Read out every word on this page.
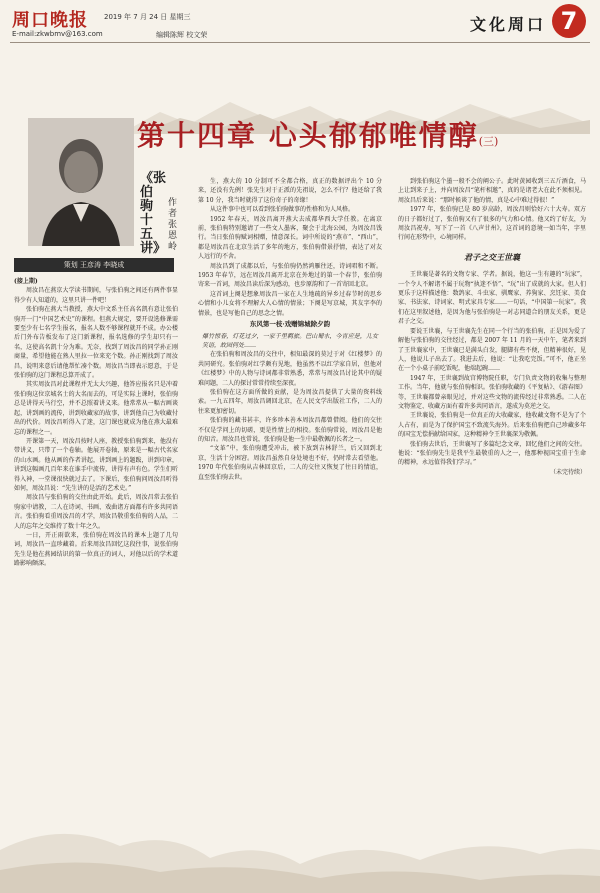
周口晚报
E-mail:zkwbmv@163.com
2019 年 7 月 24 日 星期三
编辑陈辉 校文荣
文化周口 7
第十四章 心头郁郁唯情醇(三)
《张伯驹十五讲》
作者 张恩岭
策划 王彦涛 李晓成

(接上期)

周汝昌在燕京大学读书期间，与张伯驹之间还有两件事显得少有人知道的，这里只讲一件吧！

张伯驹在燕大当教授，燕大中文系主任高名凯有意让张伯驹开一门“中国艺术史”的课程。但燕大规定，要开设选修课需要至少有七名学生报名，报名人数不够课程就开不成。办公楼后门外布告板发布了这门新课程，报名选修的学生却只有一名，这使高名凯十分为难。无奈，找到了周汝昌的同学孙正刚商量，希望他能在熟人里拉一位来充个数。孙正刚找到了周汝昌，说明来意后请他帮忙凑个数。周汝昌当即表示愿意，于是张伯驹的这门课程总算开成了。

其实周汝昌对此课程并无太大兴趣，他答应报名只是冲着张伯驹这位京城名士的大名而去的，可是实际上课时，张伯驹总是讲得天马行空，并不总照着讲义来。他常常从一幅古画谈起，讲到画的流传，讲到收藏家的故事，讲到他自己为收藏付出的代价。周汝昌听得入了迷，这门课也就成为他在燕大最难忘的课程之一。

开课第一天，周汝昌按时人座，教授张伯驹到来，他没有带讲义，只带了一个卷轴。他展开卷轴，原来是一幅古代名家的山水画。他从画的作者讲起，讲到画上的题跋，讲到印章，讲到这幅画几百年来在谁手中流传，讲得有声有色。学生们听得入神，一堂课很快就过去了。下课后，张伯驹问周汝昌听得如何，周汝昌说：“先生讲的是活的艺术史。”

周汝昌与张伯驹的交往由此开始。此后，周汝昌常去张伯驹家中请教，二人在诗词、书画、戏曲诸方面都有许多共同语言。张伯驹看重周汝昌的才学，周汝昌敬重张伯驹的人品，二人的忘年之交维持了数十年之久。

一日，开正雨欲来，张伯驹在周汝昌的课本上题了几句词，周汝昌一直珍藏着。后来周汝昌回忆这段往事，说张伯驹先生是他在燕园结识的第一位真正的词人，对他以后的学术道路影响颇深。

生，燕大的 10 分制可不全都合格，真正的数据评出个 10 分来，还没有先例！张先生对于正派的先祖说，怎么不行？他还给了我第 10 分，我当时就得了这份奇子的奇缘！

从这件事中也可以看到张伯驹做事的性格和为人风格。

1952 年春天，周汝昌离开燕大去成都华西大学任教。在离京前，张伯驹特别邀请了一些文人墨客，聚会于北海公园，为周汝昌饯行。当日张伯驹赋词相赠，情意深长。词中所说的“燕市”、“西山”，都是周汝昌在北京生活了多年的地方，张伯驹借景抒情，表达了对友人远行的不舍。

周汝昌到了成都以后，与张伯驹仍然鸿雁往还，诗词唱和不断。1953 年春节，远在周汝昌离开北京在外地过的第一个春节，张伯驹寄来一首词，周汝昌读后深为感动，也步原韵和了一首寄回北京。

这首词上阕是想象周汝昌一家在人生地疏的异乡过春节时的思乡心情和小儿女将不理解大人心情的情景；下阕是写京城，其友字李的情景，也是写他自己的思念之情。

东风第一枝·戏赠锦城除夕韵

爆竹惊春，灯花过夕，一家千里羁旅。巴山蜀水，今宵应是，儿女笑语，故园何处……

在张伯驹和周汝昌的交往中，相知最深的莫过于对《红楼梦》的共同研究。张伯驹对红学颇有见地，他虽然不以红学家自居，但他对《红楼梦》中的人物与诗词都非常熟悉，常常与周汝昌讨论其中的疑难问题，二人的探讨常常持续至深夜。

张伯驹在这方面所做的贡献，是为周汝昌提供了大量的资料线索。一九五四年，周汝昌调回北京，在人民文学出版社工作，二人的往来更加密切。

张伯驹的藏书甚丰，许多珍本善本周汝昌都曾借阅。他们的交往不仅是学问上的切磋，更是性情上的相投。张伯驹常说，周汝昌是他的知音。周汝昌也常说，张伯驹是他一生中最敬佩的长者之一。

“文革”中，张伯驹遭受冲击，被下放到吉林舒兰，后又回到北京，生活十分困窘。周汝昌虽然自身处境也不好，仍时常去看望他。1970 年代张伯驹从吉林回京后，二人的交往又恢复了往日的情谊，直至张伯驹去世。

到张伯驹这个墨一般不会的阐公子。此时黄园收到三五斤酒食，马上让到来子上，并向周汝昌“笔杆相邀”，真的是诸老大在此不须相见。周汝昌后来说：“那时候谈了他的情，真是心中难过得很！”

1977 年，张伯驹已是 80 岁高龄，周汝昌则恰好六十大寿。双方的日子都好过了，张伯驹又有了很多的气力和心情。他又约了好友，为周汝昌祝寿，写下了一首《八声甘州》，这首词的意境一如当年，字里行间在形势中，心境同样。

君子之交王世襄

王世襄是著名的文物专家、学者。据说，他这一生有趣的“玩家”，一个令人不解诸不属于玩物“执迷不悟”、“玩”出了成就的大家。但人们更乐于这样描述他：数鸽家、斗虫家、驯鹰家、养狗家、烹饪家、美食家、书法家、诗词家、明式家具专家……一句话，“中国第一玩家”。我们在这里叙述他，是因为他与张伯驹是一对志同道合的朋友关系，更是君子之交。

要说王世襄，与王世襄先生在同一个行当的张伯驹，正是因为爱了解他与张伯驹的交往经过，都是 2007 年 11 月的一天中午，笔者来到了王世襄家中，王世襄已是满头白发，腿脚有些不便，但精神很好，见人，他说儿子出去了。我进去后，他说：“让我吃完饭。”可不，他正坐在一个小桌子前吃饭呢，他端起碗……

1947 年，王世襄到故宫博物院任职，专门负责文物的收集与整理工作。当年，他就与张伯驹相识。张伯驹收藏的《平复帖》、《游春图》等，王世襄都曾亲眼见过，并对这些文物的流传经过非常熟悉。二人在文物鉴定、收藏方面有着许多共同语言，遂成为莫逆之交。

王世襄说，张伯驹是一位真正的大收藏家，他收藏文物不是为了个人占有，而是为了保护国宝不致流失海外。后来张伯驹把自己珍藏多年的国宝无偿捐献给国家，这种精神令王世襄深为敬佩。

张伯驹去世后，王世襄写了多篇纪念文章，回忆他们之间的交往。他说：“张伯驹先生是我平生最敬重的人之一，他那种视国宝重于生命的精神，永远值得我们学习。”

（未完待续）
